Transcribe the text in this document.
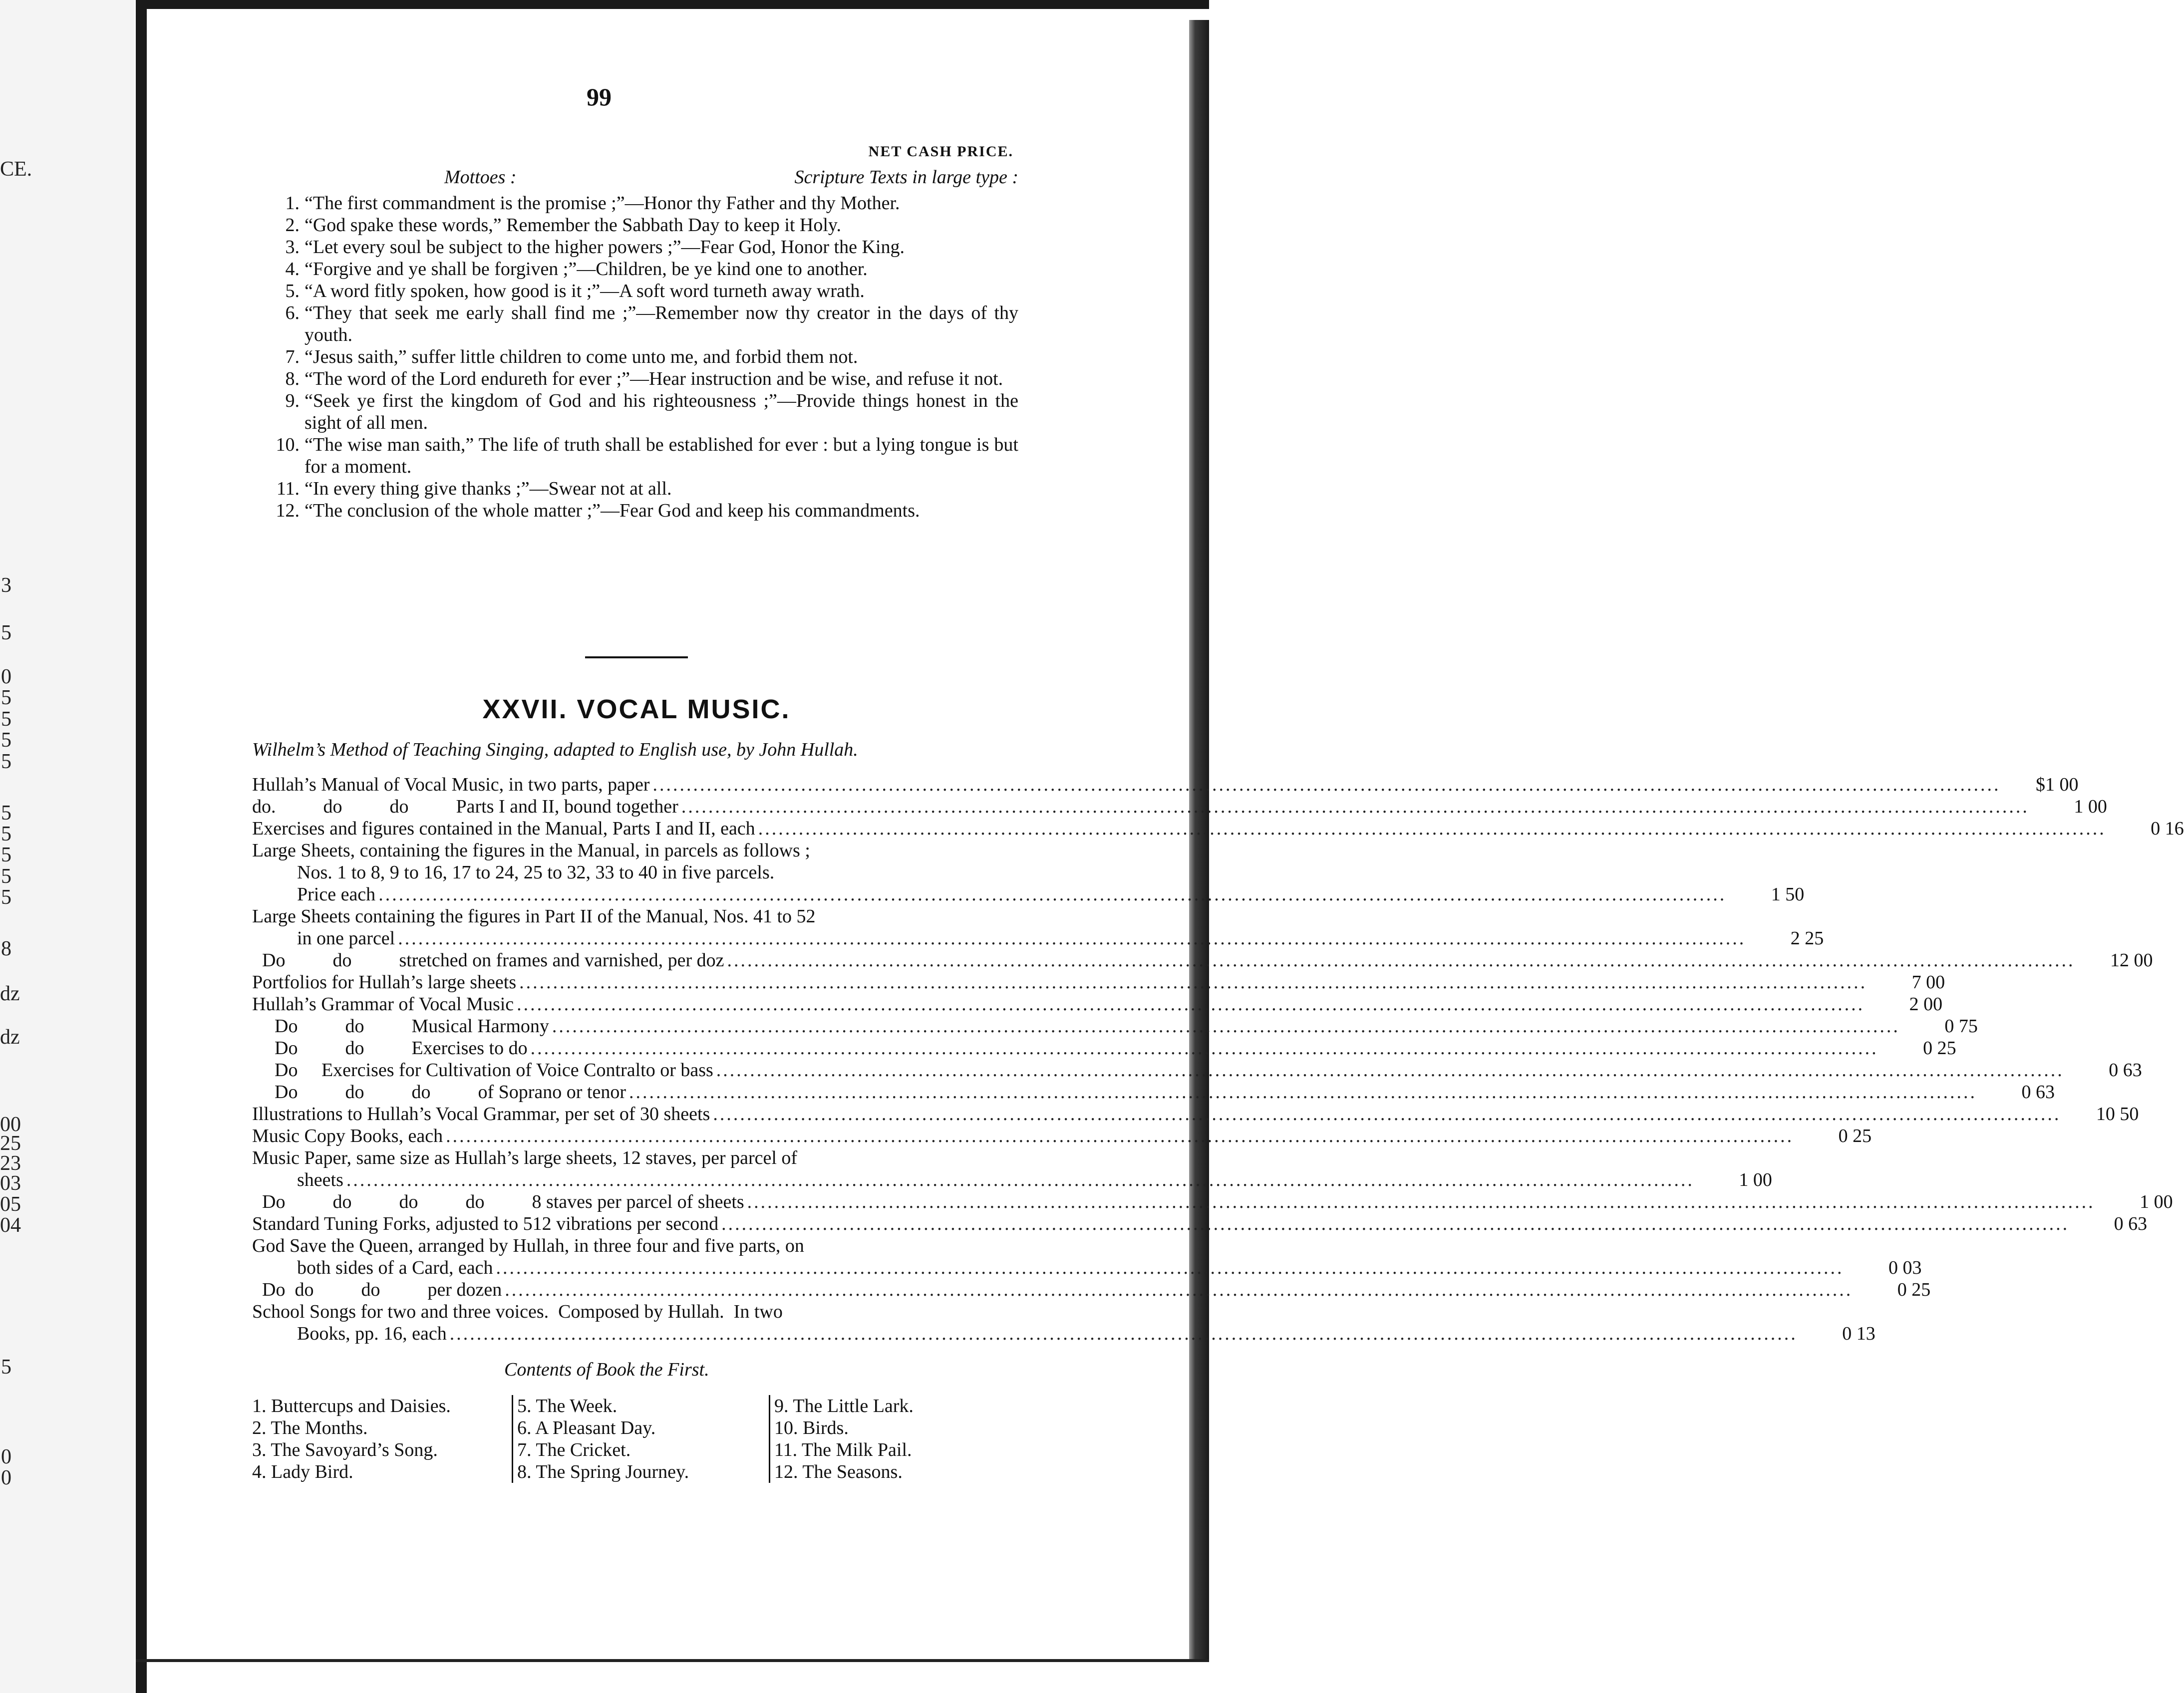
CE.
3
5
0
5
5
5
5
5
5
5
5
5
8
dz
dz
00
25
23
03
05
04
5
0
0
99
NET CASH PRICE.
Mottoes :	Scripture Texts in large type :
1. “The first commandment is the promise ;”—Honor thy Father and thy Mother.
2. “God spake these words,” Remember the Sabbath Day to keep it Holy.
3. “Let every soul be subject to the higher powers ;”—Fear God, Honor the King.
4. “Forgive and ye shall be forgiven ;”—Children, be ye kind one to another.
5. “A word fitly spoken, how good is it ;”—A soft word turneth away wrath.
6. “They that seek me early shall find me ;”—Remember now thy creator in the days of thy youth.
7. “Jesus saith,” suffer little children to come unto me, and forbid them not.
8. “The word of the Lord endureth for ever ;”—Hear instruction and be wise, and refuse it not.
9. “Seek ye first the kingdom of God and his righteousness ;”—Provide things honest in the sight of all men.
10. “The wise man saith,” The life of truth shall be established for ever : but a lying tongue is but for a moment.
11. “In every thing give thanks ;”—Swear not at all.
12. “The conclusion of the whole matter ;”—Fear God and keep his commandments.
XXVII. VOCAL MUSIC.
Wilhelm’s Method of Teaching Singing, adapted to English use, by John Hullah.
Hullah’s Manual of Vocal Music, in two parts, paper ........................................................................................................................................................................................................	$1 00
do.          do          do          Parts I and II, bound together ........................................................................................................................................................................................................	1 00
Exercises and figures contained in the Manual, Parts I and II, each ........................................................................................................................................................................................................	0 16
Large Sheets, containing the figures in the Manual, in parcels as follows ;
Nos. 1 to 8, 9 to 16, 17 to 24, 25 to 32, 33 to 40 in five parcels.
Price each ........................................................................................................................................................................................................	1 50
Large Sheets containing the figures in Part II of the Manual, Nos. 41 to 52
in one parcel ........................................................................................................................................................................................................	2 25
Do          do          stretched on frames and varnished, per doz ........................................................................................................................................................................................................	12 00
Portfolios for Hullah’s large sheets ........................................................................................................................................................................................................	7 00
Hullah’s Grammar of Vocal Music ........................................................................................................................................................................................................	2 00
Do          do          Musical Harmony ........................................................................................................................................................................................................	0 75
Do          do          Exercises to do ........................................................................................................................................................................................................	0 25
Do     Exercises for Cultivation of Voice Contralto or bass ........................................................................................................................................................................................................	0 63
Do          do          do          of Soprano or tenor ........................................................................................................................................................................................................	0 63
Illustrations to Hullah’s Vocal Grammar, per set of 30 sheets ........................................................................................................................................................................................................	10 50
Music Copy Books, each ........................................................................................................................................................................................................	0 25
Music Paper, same size as Hullah’s large sheets, 12 staves, per parcel of
sheets ........................................................................................................................................................................................................	1 00
Do          do          do          do          8 staves per parcel of sheets ........................................................................................................................................................................................................	1 00
Standard Tuning Forks, adjusted to 512 vibrations per second ........................................................................................................................................................................................................	0 63
God Save the Queen, arranged by Hullah, in three four and five parts, on
both sides of a Card, each ........................................................................................................................................................................................................	0 03
Do  do          do          per dozen ........................................................................................................................................................................................................	0 25
School Songs for two and three voices.  Composed by Hullah.  In two
Books, pp. 16, each ........................................................................................................................................................................................................	0 13
Contents of Book the First.
1. Buttercups and Daisies.
2. The Months.
3. The Savoyard’s Song.
4. Lady Bird.
5. The Week.
6. A Pleasant Day.
7. The Cricket.
8. The Spring Journey.
9. The Little Lark.
10. Birds.
11. The Milk Pail.
12. The Seasons.
